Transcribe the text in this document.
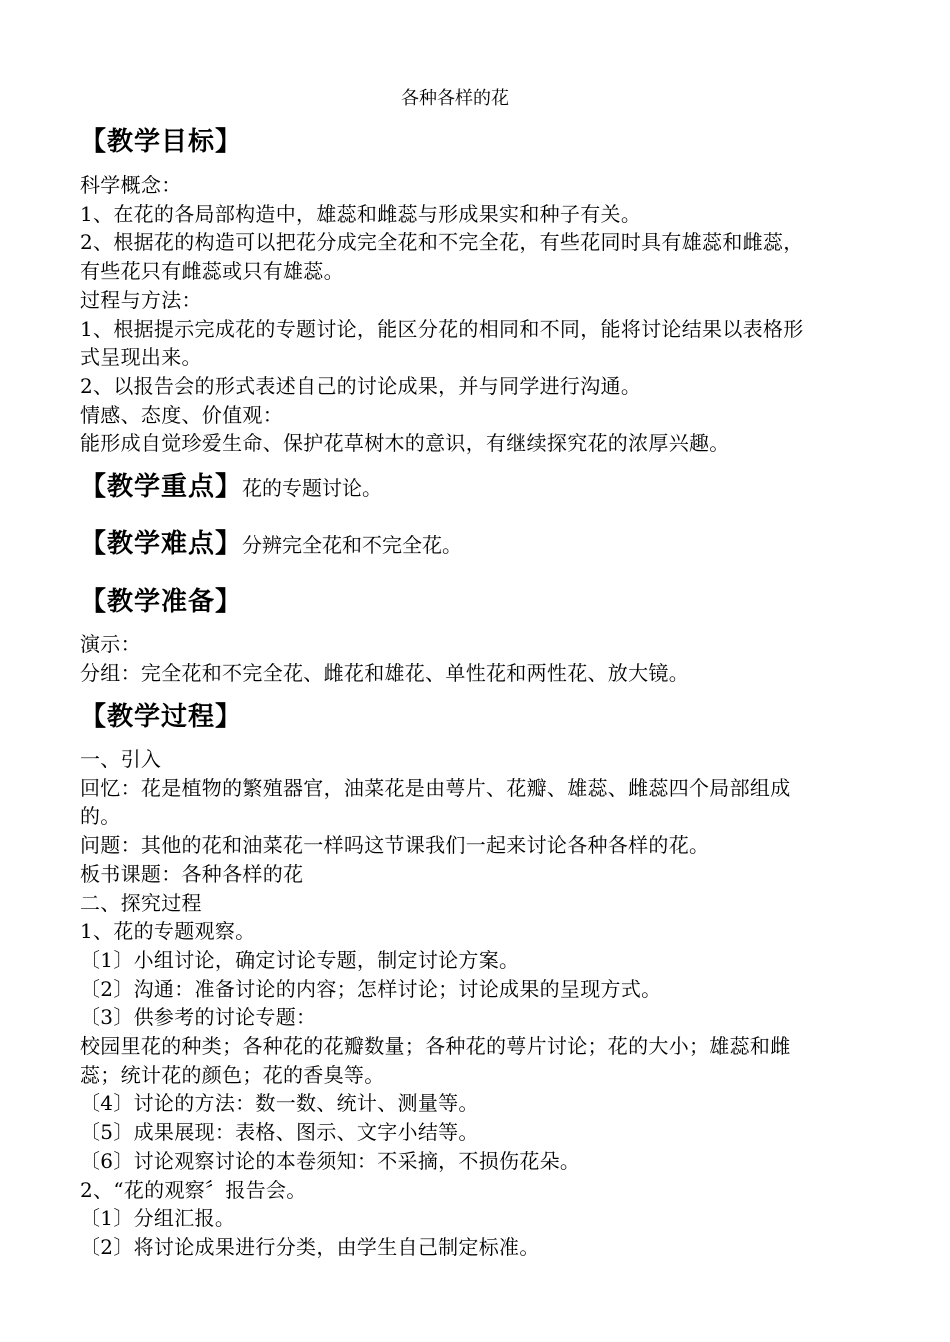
各种各样的花
【教学目标】
科学概念：
1、在花的各局部构造中，雄蕊和雌蕊与形成果实和种子有关。
2、根据花的构造可以把花分成完全花和不完全花，有些花同时具有雄蕊和雌蕊，
有些花只有雌蕊或只有雄蕊。
过程与方法：
1、根据提示完成花的专题讨论，能区分花的相同和不同，能将讨论结果以表格形
式呈现出来。
2、以报告会的形式表述自己的讨论成果，并与同学进行沟通。
情感、态度、价值观：
能形成自觉珍爱生命、保护花草树木的意识，有继续探究花的浓厚兴趣。
【教学重点】花的专题讨论。
【教学难点】分辨完全花和不完全花。
【教学准备】
演示：
分组：完全花和不完全花、雌花和雄花、单性花和两性花、放大镜。
【教学过程】
一、引入
回忆：花是植物的繁殖器官，油菜花是由萼片、花瓣、雄蕊、雌蕊四个局部组成
的。
问题：其他的花和油菜花一样吗这节课我们一起来讨论各种各样的花。
板书课题：各种各样的花
二、探究过程
1、花的专题观察。
〔1〕小组讨论，确定讨论专题，制定讨论方案。
〔2〕沟通：准备讨论的内容；怎样讨论；讨论成果的呈现方式。
〔3〕供参考的讨论专题：
校园里花的种类；各种花的花瓣数量；各种花的萼片讨论；花的大小；雄蕊和雌
蕊；统计花的颜色；花的香臭等。
〔4〕讨论的方法：数一数、统计、测量等。
〔5〕成果展现：表格、图示、文字小结等。
〔6〕讨论观察讨论的本卷须知：不采摘，不损伤花朵。
2、“花的观察〞报告会。
〔1〕分组汇报。
〔2〕将讨论成果进行分类，由学生自己制定标准。
